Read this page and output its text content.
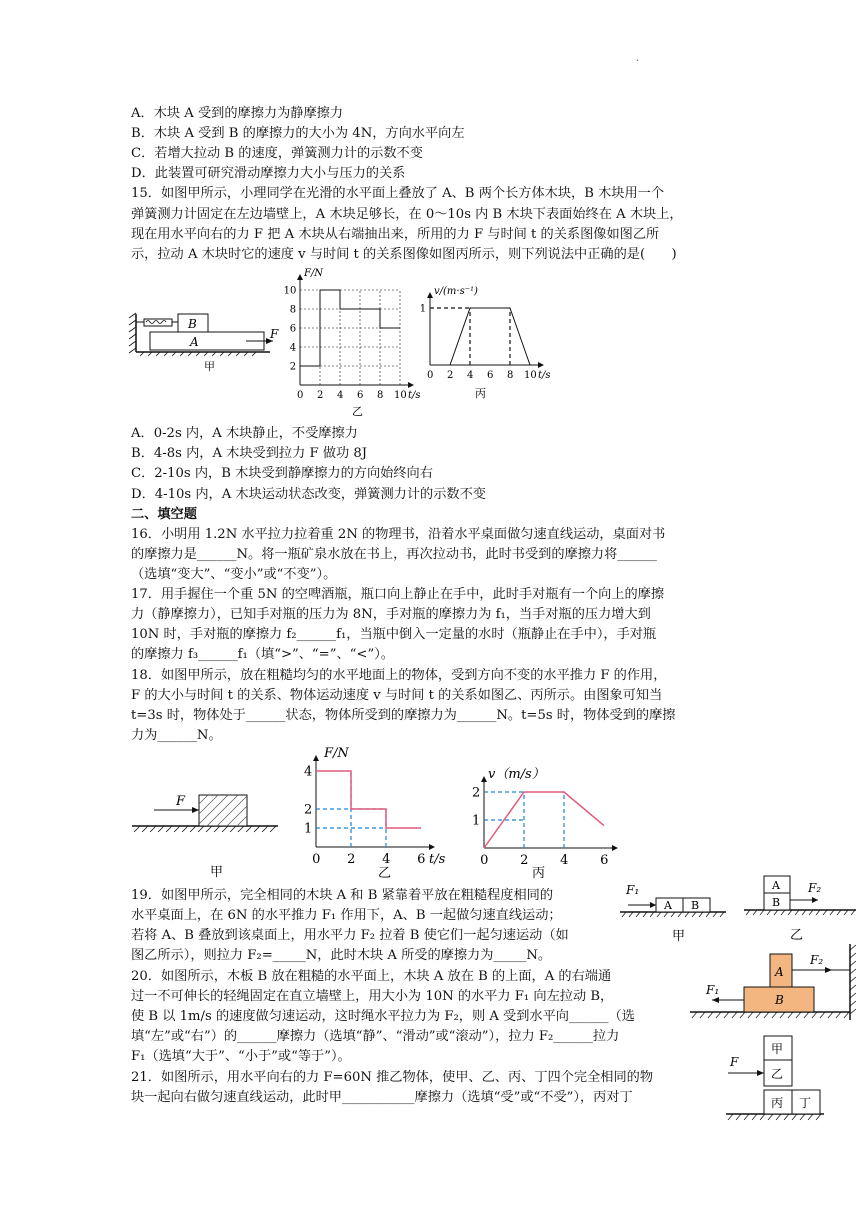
·
A．木块 A 受到的摩擦力为静摩擦力
B．木块 A 受到 B 的摩擦力的大小为 4N，方向水平向左
C．若增大拉动 B 的速度，弹簧测力计的示数不变
D．此装置可研究滑动摩擦力大小与压力的关系
15．如图甲所示，小理同学在光滑的水平面上叠放了 A、B 两个长方体木块，B 木块用一个
弹簧测力计固定在左边墙壁上，A 木块足够长，在 0～10s 内 B 木块下表面始终在 A 木块上，
现在用水平向右的力 F 把 A 木块从右端抽出来，所用的力 F 与时间 t 的关系图像如图乙所
示，拉动 A 木块时它的速度 v 与时间 t 的关系图像如图丙所示，则下列说法中正确的是(　　)
A．0-2s 内，A 木块静止，不受摩擦力
B．4-8s 内，A 木块受到拉力 F 做功 8J
C．2-10s 内，B 木块受到静摩擦力的方向始终向右
D．4-10s 内，A 木块运动状态改变，弹簧测力计的示数不变
二、填空题
16．小明用 1.2N 水平拉力拉着重 2N 的物理书，沿着水平桌面做匀速直线运动，桌面对书
的摩擦力是______N。将一瓶矿泉水放在书上，再次拉动书，此时书受到的摩擦力将______
（选填“变大”、“变小”或“不变”）。
17．用手握住一个重 5N 的空啤酒瓶，瓶口向上静止在手中，此时手对瓶有一个向上的摩擦
力（静摩擦力），已知手对瓶的压力为 8N，手对瓶的摩擦力为 f₁，当手对瓶的压力增大到
10N 时，手对瓶的摩擦力 f₂______f₁，当瓶中倒入一定量的水时（瓶静止在手中），手对瓶
的摩擦力 f₃______f₁（填“>”、“=”、“<”）。
18．如图甲所示，放在粗糙均匀的水平地面上的物体，受到方向不变的水平推力 F 的作用，
F 的大小与时间 t 的关系、物体运动速度 v 与时间 t 的关系如图乙、丙所示。由图象可知当
t=3s 时，物体处于______状态，物体所受到的摩擦力为______N。t=5s 时，物体受到的摩擦
力为______N。
19．如图甲所示，完全相同的木块 A 和 B 紧靠着平放在粗糙程度相同的
水平桌面上，在 6N 的水平推力 F₁ 作用下，A、B 一起做匀速直线运动；
若将 A、B 叠放到该桌面上，用水平力 F₂ 拉着 B 使它们一起匀速运动（如
图乙所示），则拉力 F₂=_____N，此时木块 A 所受的摩擦力为_____N。
20．如图所示，木板 B 放在粗糙的水平面上，木块 A 放在 B 的上面，A 的右端通
过一不可伸长的轻绳固定在直立墙壁上，用大小为 10N 的水平力 F₁ 向左拉动 B，
使 B 以 1m/s 的速度做匀速运动，这时绳水平拉力为 F₂，则 A 受到水平向______（选
填“左”或“右”）的______摩擦力（选填“静”、“滑动”或“滚动”），拉力 F₂______拉力
F₁（选填“大于”、“小于”或“等于”）。
21．如图所示，用水平向右的力 F=60N 推乙物体，使甲、乙、丙、丁四个完全相同的物
块一起向右做匀速直线运动，此时甲___________摩擦力（选填“受”或“不受”），丙对丁
A
B
F
甲
0 2 4 6 8 10
10
8
6
4
2
F/N
t/s
乙
0 2 4 6 8 10
1
v/(m·s⁻¹)
t/s
丙
F
甲
0 2 4 6
4
2
1
F/N
t/s
乙
0 2 4 6
2
1
v（m/s）
丙
A B
F₁
甲
A
B
F₂
乙
A
B
F₂
F₁
甲
乙
丙 丁
F
